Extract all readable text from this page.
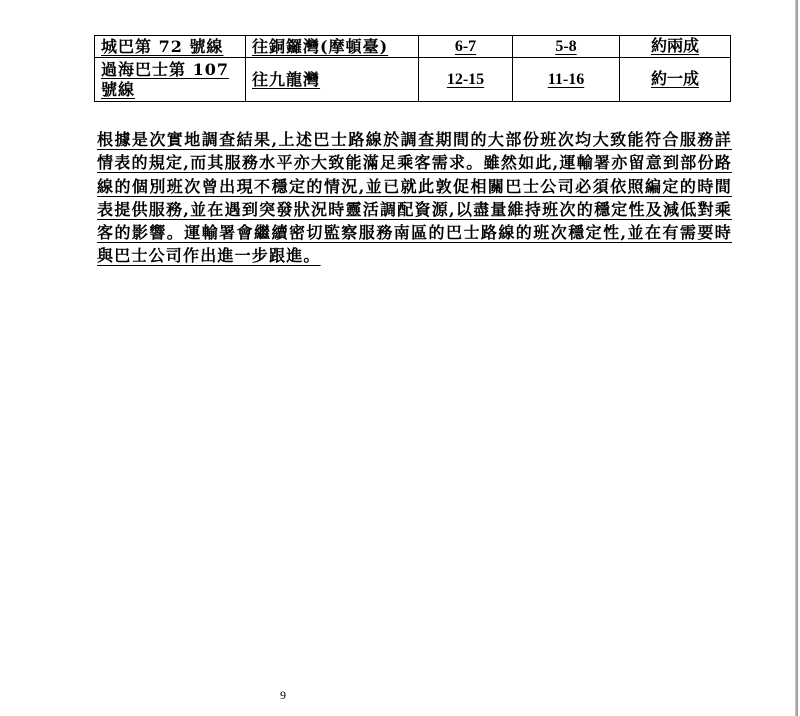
城巴第 72 號線	往銅鑼灣(摩頓臺)	6-7	5-8	約兩成
過海巴士第 107 號線	往九龍灣	12-15	11-16	約一成
根據是次實地調查結果,上述巴士路線於調查期間的大部份班次均大致能符合服務詳情表的規定,而其服務水平亦大致能滿足乘客需求。雖然如此,運輸署亦留意到部份路線的個別班次曾出現不穩定的情況,並已就此敦促相關巴士公司必須依照編定的時間表提供服務,並在遇到突發狀況時靈活調配資源,以盡量維持班次的穩定性及減低對乘客的影響。運輸署會繼續密切監察服務南區的巴士路線的班次穩定性,並在有需要時與巴士公司作出進一步跟進。
9
